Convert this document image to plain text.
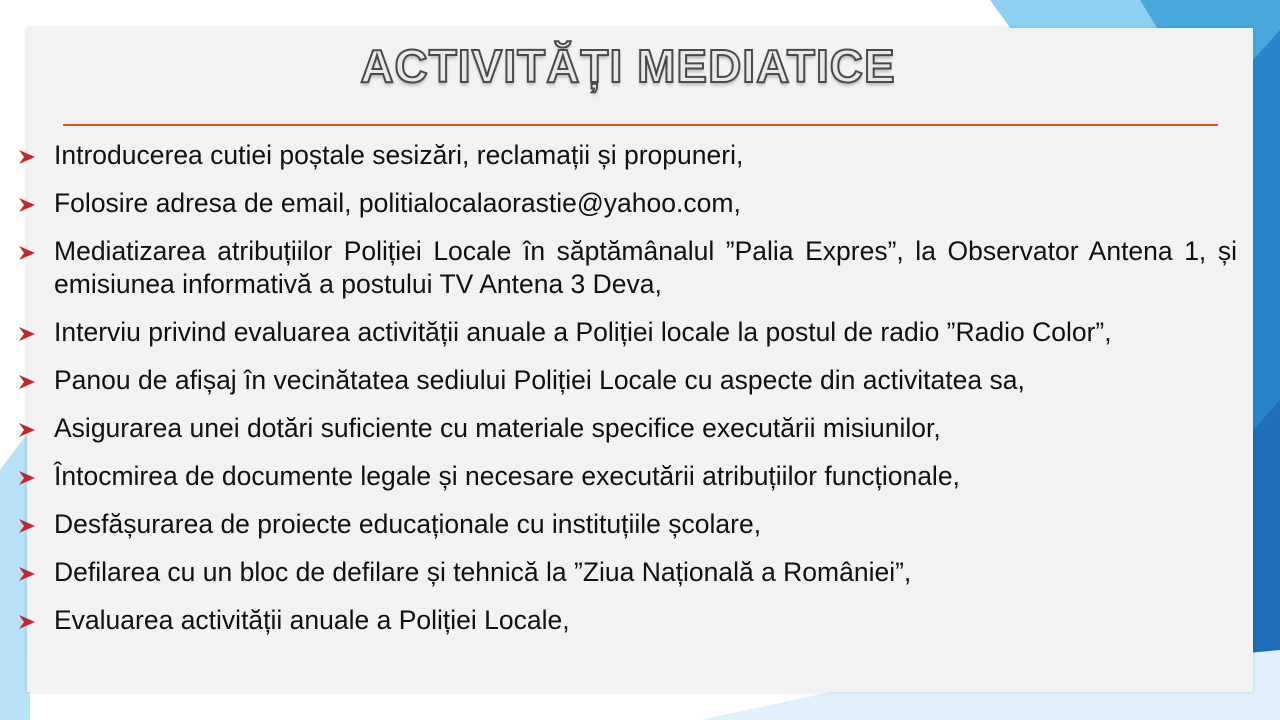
ACTIVITĂȚI MEDIATICE
Introducerea cutiei poștale sesizări, reclamații și propuneri,
Folosire adresa de email, politialocalaorastie@yahoo.com,
Mediatizarea atribuțiilor Poliției Locale în săptămânalul ”Palia Expres”, la Observator Antena 1, și emisiunea informativă a postului TV Antena 3 Deva,
Interviu privind evaluarea activității anuale a Poliției locale la postul de radio ”Radio Color”,
Panou de afișaj în vecinătatea sediului Poliției Locale cu aspecte din activitatea sa,
Asigurarea unei dotări suficiente cu materiale specifice executării misiunilor,
Întocmirea de documente legale și necesare executării atribuțiilor funcționale,
Desfășurarea de proiecte educaționale cu instituțiile școlare,
Defilarea cu un bloc de defilare și tehnică la ”Ziua Națională a României”,
Evaluarea activității anuale a Poliției Locale,
